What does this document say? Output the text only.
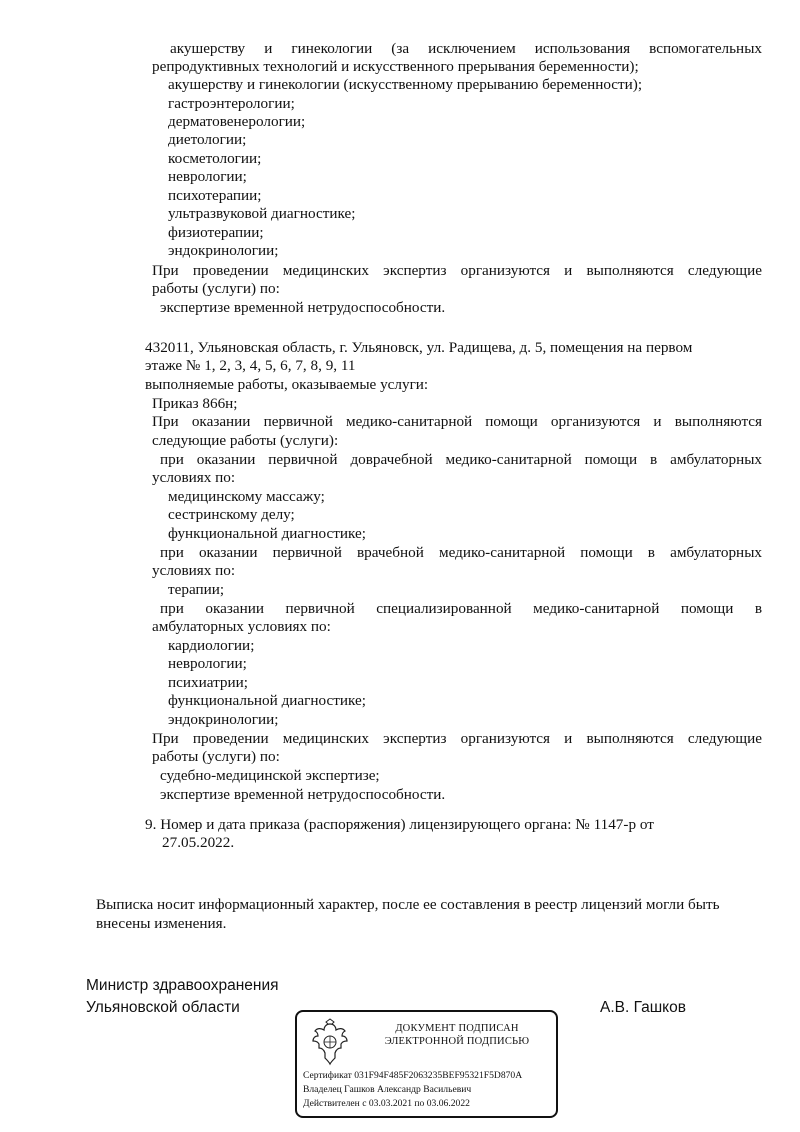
акушерству и гинекологии (за исключением использования вспомогательных
репродуктивных технологий и искусственного прерывания беременности);
акушерству и гинекологии (искусственному прерыванию беременности);
гастроэнтерологии;
дерматовенерологии;
диетологии;
косметологии;
неврологии;
психотерапии;
ультразвуковой диагностике;
физиотерапии;
эндокринологии;
При проведении медицинских экспертиз организуются и выполняются следующие
работы (услуги) по:
экспертизе временной нетрудоспособности.
432011, Ульяновская область, г. Ульяновск, ул. Радищева, д. 5, помещения на первом
этаже № 1, 2, 3, 4, 5, 6, 7, 8, 9, 11
выполняемые работы, оказываемые услуги:
Приказ 866н;
При оказании первичной медико-санитарной помощи организуются и выполняются
следующие работы (услуги):
при оказании первичной доврачебной медико-санитарной помощи в амбулаторных
условиях по:
медицинскому массажу;
сестринскому делу;
функциональной диагностике;
при оказании первичной врачебной медико-санитарной помощи в амбулаторных
условиях по:
терапии;
при оказании первичной специализированной медико-санитарной помощи в
амбулаторных условиях по:
кардиологии;
неврологии;
психиатрии;
функциональной диагностике;
эндокринологии;
При проведении медицинских экспертиз организуются и выполняются следующие
работы (услуги) по:
судебно-медицинской экспертизе;
экспертизе временной нетрудоспособности.
9. Номер и дата приказа (распоряжения) лицензирующего органа: № 1147-р от
27.05.2022.
Выписка носит информационный характер, после ее составления в реестр лицензий могли быть
внесены изменения.
Министр здравоохранения
Ульяновской области	А.В. Гашков
ДОКУМЕНТ ПОДПИСАН
ЭЛЕКТРОННОЙ ПОДПИСЬЮ
Сертификат 031F94F485F2063235BEF95321F5D870A
Владелец Гашков Александр Васильевич
Действителен с 03.03.2021 по 03.06.2022
